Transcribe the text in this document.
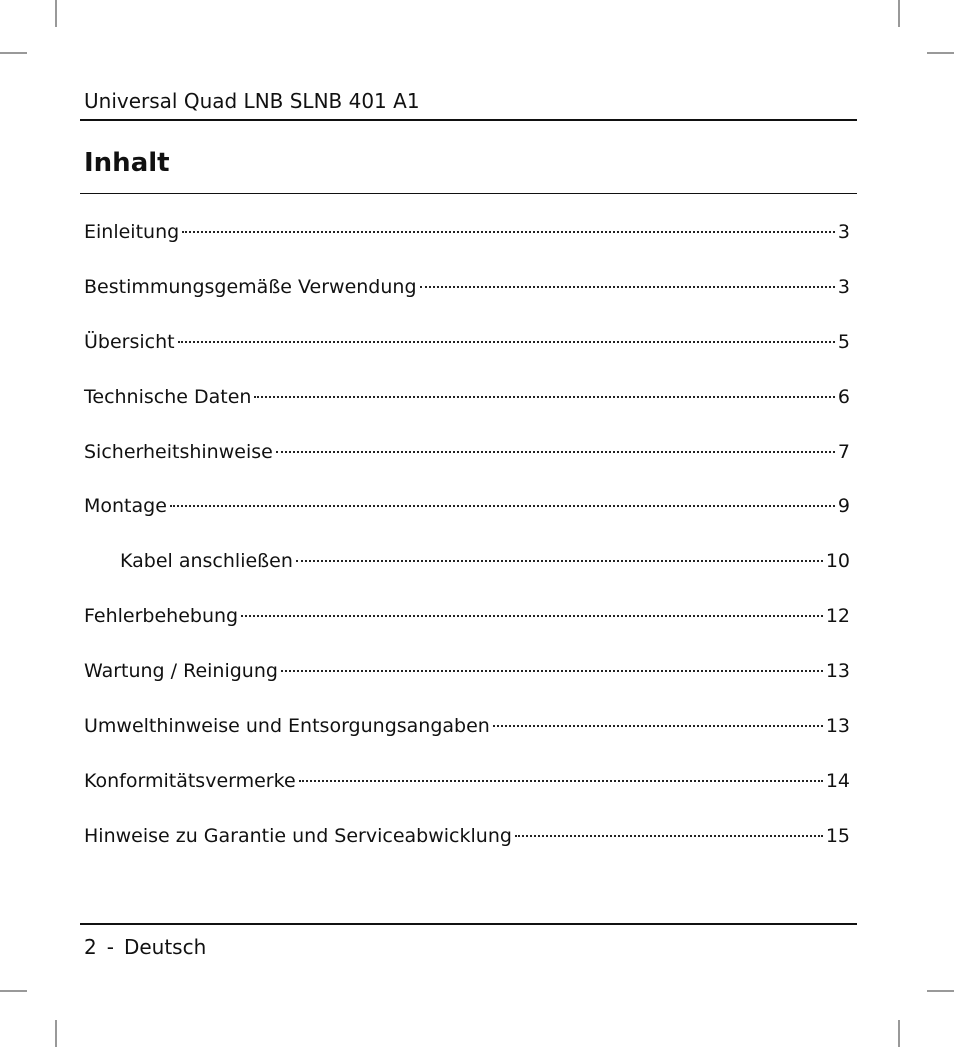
Universal Quad LNB SLNB 401 A1
Inhalt
Einleitung	3
Bestimmungsgemäße Verwendung	3
Übersicht	5
Technische Daten	6
Sicherheitshinweise	7
Montage	9
Kabel anschließen	10
Fehlerbehebung	12
Wartung / Reinigung	13
Umwelthinweise und Entsorgungsangaben	13
Konformitätsvermerke	14
Hinweise zu Garantie und Serviceabwicklung	15
2 - Deutsch
